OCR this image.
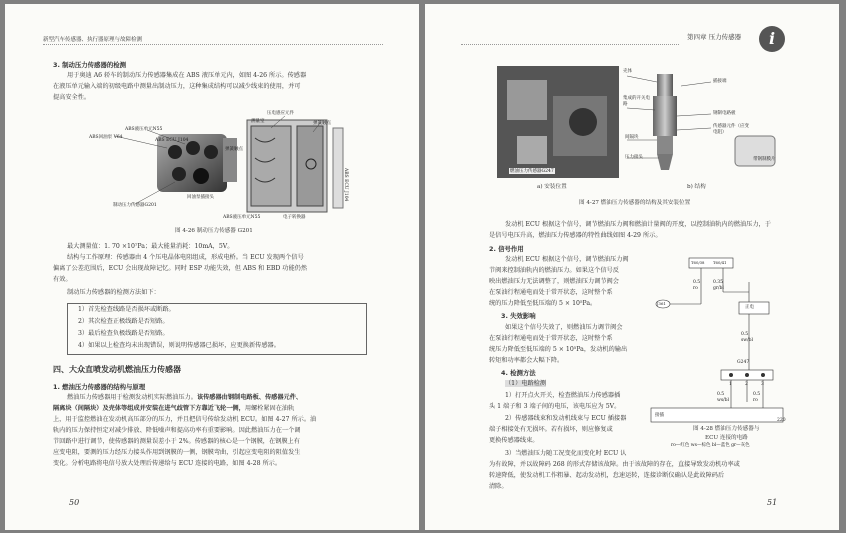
新型汽车传感器、执行器原理与故障检测
3. 制动压力传感器的检测
用于奥迪 A6 轿车的制动压力传感器集成在 ABS 液压单元内，如图 4-26 所示。传感器
在液压单元输入端的初级电路中测量出制动压力，这种集成结构可以减少线束的使用，并可
提高安全性。
ABS回油泵 V64
ABS液压单元N55
ABS ECU J104
压电感应元件
测量室
弹簧触点
弹簧触点
制动压力传感器G201
回油泵插接头
ABS液压单元N55	电子转换器
ABS ECU J104
图 4-26 制动压力传感器 G201
最大测量值：1. 70 ×10⁷Pa；最大能量消耗：10mA，5V。
结构与工作原理：传感器由 4 个压电晶体电阻组成，形成电桥。当 ECU 发现两个信号
偏离了公差范围后，ECU 会出现故障记忆。同时 ESP 功能失效，但 ABS 和 EBD 功能仍然
有效。
制动压力传感器的检测方法如下：
1）首先检查线路是否损坏或断路。
2）其次检查正极线路是否短路。
3）最后检查负极线路是否短路。
4）如果以上检查均未出现错误，则说明传感器已损坏，应更换新传感器。
四、大众直喷发动机燃油压力传感器
1. 燃油压力传感器的结构与原理
燃油压力传感器用于检测发动机实际燃油压力。该传感器由钢制电路板、传感器元件、
隔离块（间隔块）及壳体等组成并安装在进气歧管下方靠近飞轮一侧，用螺栓紧固在油轨
上，用于监控燃油在发动机高压部分的压力，并且把信号传给发动机 ECU。如图 4-27 所示。油
轨内的压力保持恒定对减少排放、降低噪声和提高功率有重要影响。因此燃油压力在一个调
节回路中进行调节，使传感器的测量误差小于 2%。传感器的核心是一个钢膜，在钢膜上有
应变电阻，要测的压力经压力接头作用到钢膜的一侧，钢膜弯曲，引起应变电阻的阻值发生
变化。分析电路将电信号放大处理后传递给与 ECU 连接的电路，如图 4-28 所示。
50
第四章 压力传感器	i
壳体
插接端
集成的开关电路
钢制电路板
间隔块
传感器元件（应变电阻）
压力接头	带钢制膜片
燃油压力传感器G247
a) 安装位置	b) 结构
图 4-27 燃油压力传感器的结构及其安装位置
发动机 ECU 根据这个信号，调节燃油压力阀和燃油计量阀的开度，以控制油轨内的燃油压力，于
是信号电压升高，燃油压力传感器的特性曲线如图 4-29 所示。
2. 信号作用
发动机 ECU 根据这个信号，调节燃油压力阀
节阀来控制油轨内的燃油压力。如果这个信号反
映出燃油压力无法调整了，则燃油压力调节阀会
在泵油行程通电而处于常开状态，这时整个系
统的压力降低至低压端的 5 × 10⁵Pa。
3. 失效影响
如果这个信号失效了，则燃油压力调节阀会
在泵油行程通电而处于常开状态，这时整个系
统压力降低至低压端的 5 × 10⁵Pa，发动机的输出
转矩和功率都会大幅下降。
4. 检测方法
（1）电路检测
1）打开点火开关，检查燃油压力传感器插
头 1 端子和 3 端子间的电压，该电压应为 5V。
2）传感器线束和发动机线束与 ECU 插接器
端子相接处有无损坏。若有损坏，则应修复或
更换传感器线束。
3）当燃油压力随工况变化而变化时 ECU 认
为有故障，并以故障码 268 的形式存储该故障。由于该故障的存在，直接导致发动机功率或
转速降低，使发动机工作粗暴、起动发动机，怠速运转，连接诊断仪确认是此故障码后
清除。
T60/38 T60/41
0.5
ro
0.35
gr/bl
J361
正电
0.5
sw/bl
G247
1	2	3
0.5
ws/bl
0.5
ro
220
接插
图 4-28 燃油压力传感器与
ECU 连接的电路
ro—红色 ws—棕色 bl—蓝色 gr—灰色
51
